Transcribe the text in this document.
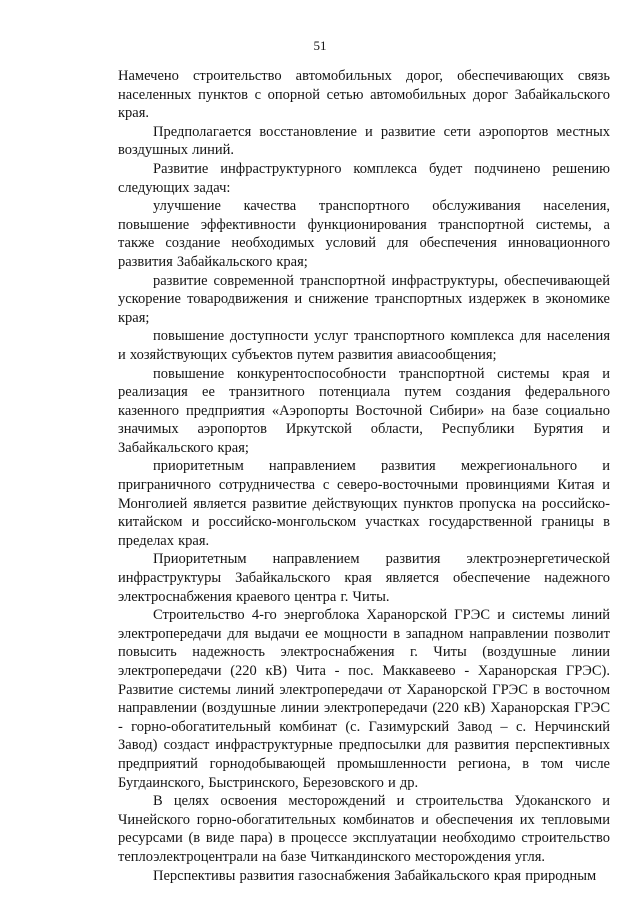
51

Намечено строительство автомобильных дорог, обеспечивающих связь населенных пунктов с опорной сетью автомобильных дорог Забайкальского края.

Предполагается восстановление и развитие сети аэропортов местных воздушных линий.

Развитие инфраструктурного комплекса будет подчинено решению следующих задач:

улучшение качества транспортного обслуживания населения, повышение эффективности функционирования транспортной системы, а также создание необходимых условий для обеспечения инновационного развития Забайкальского края;

развитие современной транспортной инфраструктуры, обеспечивающей ускорение товародвижения и снижение транспортных издержек в экономике края;

повышение доступности услуг транспортного комплекса для населения и хозяйствующих субъектов путем развития авиасообщения;

повышение конкурентоспособности транспортной системы края и реализация ее транзитного потенциала путем создания федерального казенного предприятия «Аэропорты Восточной Сибири» на базе социально значимых аэропортов Иркутской области, Республики Бурятия и Забайкальского края;

приоритетным направлением развития межрегионального и приграничного сотрудничества с северо-восточными провинциями Китая и Монголией является развитие действующих пунктов пропуска на российско-китайском и российско-монгольском участках государственной границы в пределах края.

Приоритетным направлением развития электроэнергетической инфраструктуры Забайкальского края является обеспечение надежного электроснабжения краевого центра г. Читы.

Строительство 4-го энергоблока Харанорской ГРЭС и системы линий электропередачи для выдачи ее мощности в западном направлении позволит повысить надежность электроснабжения г. Читы (воздушные линии электропередачи (220 кВ) Чита - пос. Маккавеево - Харанорская ГРЭС). Развитие системы линий электропередачи от Харанорской ГРЭС в восточном направлении (воздушные линии электропередачи (220 кВ) Харанорская ГРЭС - горно-обогатительный комбинат (с. Газимурский Завод – с. Нерчинский Завод) создаст инфраструктурные предпосылки для развития перспективных предприятий горнодобывающей промышленности региона, в том числе Бугдаинского, Быстринского, Березовского и др.

В целях освоения месторождений и строительства Удоканского и Чинейского горно-обогатительных комбинатов и обеспечения их тепловыми ресурсами (в виде пара) в процессе эксплуатации необходимо строительство теплоэлектроцентрали на базе Читкандинского месторождения угля.

Перспективы развития газоснабжения Забайкальского края природным
